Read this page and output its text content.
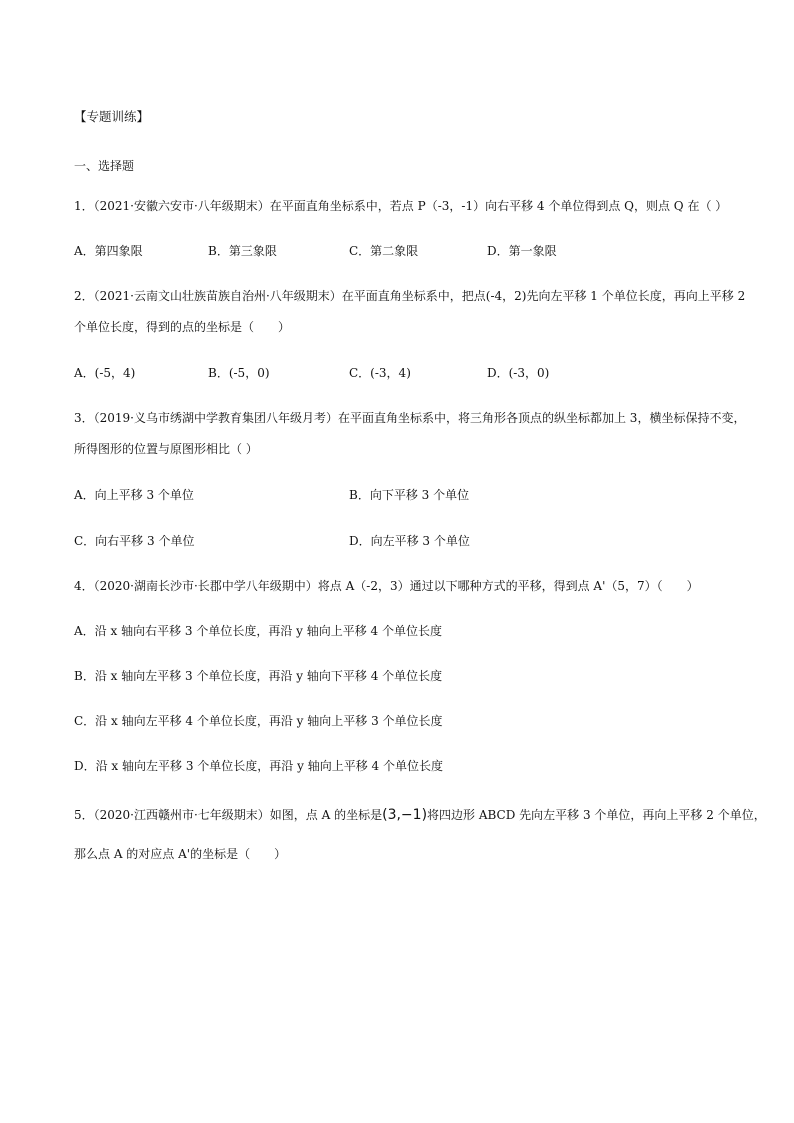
【专题训练】
一、选择题
1．（2021·安徽六安市·八年级期末）在平面直角坐标系中，若点 P（-3，-1）向右平移 4 个单位得到点 Q，则点 Q 在（ ）
A．第四象限	B．第三象限	C．第二象限	D．第一象限
2．（2021·云南文山壮族苗族自治州·八年级期末）在平面直角坐标系中，把点(-4，2)先向左平移 1 个单位长度，再向上平移 2
个单位长度，得到的点的坐标是（　　）
A．(-5，4)	B．(-5，0)	C．(-3，4)	D．(-3，0)
3．（2019·义乌市绣湖中学教育集团八年级月考）在平面直角坐标系中，将三角形各顶点的纵坐标都加上 3，横坐标保持不变，
所得图形的位置与原图形相比（ ）
A．向上平移 3 个单位	B．向下平移 3 个单位
C．向右平移 3 个单位	D．向左平移 3 个单位
4．（2020·湖南长沙市·长郡中学八年级期中）将点 A（-2，3）通过以下哪种方式的平移，得到点 A'（5，7）（　　）
A．沿 x 轴向右平移 3 个单位长度，再沿 y 轴向上平移 4 个单位长度
B．沿 x 轴向左平移 3 个单位长度，再沿 y 轴向下平移 4 个单位长度
C．沿 x 轴向左平移 4 个单位长度，再沿 y 轴向上平移 3 个单位长度
D．沿 x 轴向左平移 3 个单位长度，再沿 y 轴向上平移 4 个单位长度
5．（2020·江西赣州市·七年级期末）如图，点 A 的坐标是(3,−1)将四边形 ABCD 先向左平移 3 个单位，再向上平移 2 个单位，
那么点 A 的对应点 A'的坐标是（　　）
